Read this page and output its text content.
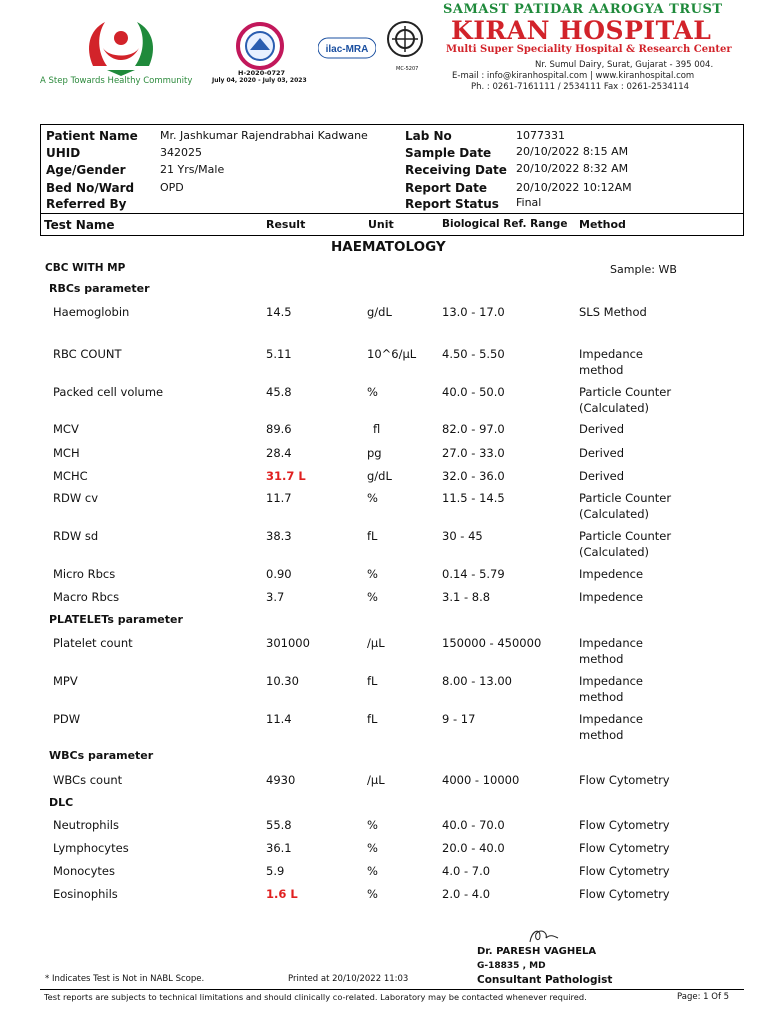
A Step Towards Healthy Community
H-2020-0727
July 04, 2020 - July 03, 2023
ilac-MRA
MC-5207
SAMAST PATIDAR AAROGYA TRUST
KIRAN HOSPITAL
Multi Super Speciality Hospital & Research Center
Nr. Sumul Dairy, Surat, Gujarat - 395 004.
E-mail : info@kiranhospital.com | www.kiranhospital.com
Ph. : 0261-7161111 / 2534111 Fax : 0261-2534114
Patient Name Mr. Jashkumar Rajendrabhai Kadwane
UHID	342025
Age/Gender	21 Yrs/Male
Bed No/Ward OPD
Referred By
Lab No	1077331
Sample Date 20/10/2022 8:15 AM
Receiving Date 20/10/2022 8:32 AM
Report Date	20/10/2022 10:12AM
Report Status Final
Test Name	Result	Unit	Biological Ref. Range Method
HAEMATOLOGY
CBC WITH MP	Sample: WB
RBCs parameter
PLATELETs parameter
WBCs parameter
DLC
Haemoglobin	14.5	g/dL	13.0 - 17.0	SLS Method
RBC COUNT	5.11	10^6/µL 4.50 - 5.50	Impedance
method
Packed cell volume	45.8	%	40.0 - 50.0	Particle Counter
(Calculated)
MCV	89.6	fl	82.0 - 97.0	Derived
MCH	28.4	pg	27.0 - 33.0	Derived
MCHC	31.7 L	g/dL	32.0 - 36.0	Derived
RDW cv	11.7	%	11.5 - 14.5	Particle Counter
(Calculated)
RDW sd	38.3	fL	30 - 45	Particle Counter
(Calculated)
Micro Rbcs	0.90	%	0.14 - 5.79	Impedence
Macro Rbcs	3.7	%	3.1 - 8.8	Impedence
Platelet count	301000	/µL	150000 - 450000	Impedance
method
MPV	10.30	fL	8.00 - 13.00	Impedance
method
PDW	11.4	fL	9 - 17	Impedance
method
WBCs count	4930	/µL	4000 - 10000	Flow Cytometry
Neutrophils	55.8	%	40.0 - 70.0	Flow Cytometry
Lymphocytes	36.1	%	20.0 - 40.0	Flow Cytometry
Monocytes	5.9	%	4.0 - 7.0	Flow Cytometry
Eosinophils	1.6 L	%	2.0 - 4.0	Flow Cytometry
Dr. PARESH VAGHELA
G-18835 , MD
Consultant Pathologist
* Indicates Test is Not in NABL Scope.	Printed at 20/10/2022 11:03
Test reports are subjects to technical limitations and should clinically co-related. Laboratory may be contacted whenever required.	Page: 1 Of 5
